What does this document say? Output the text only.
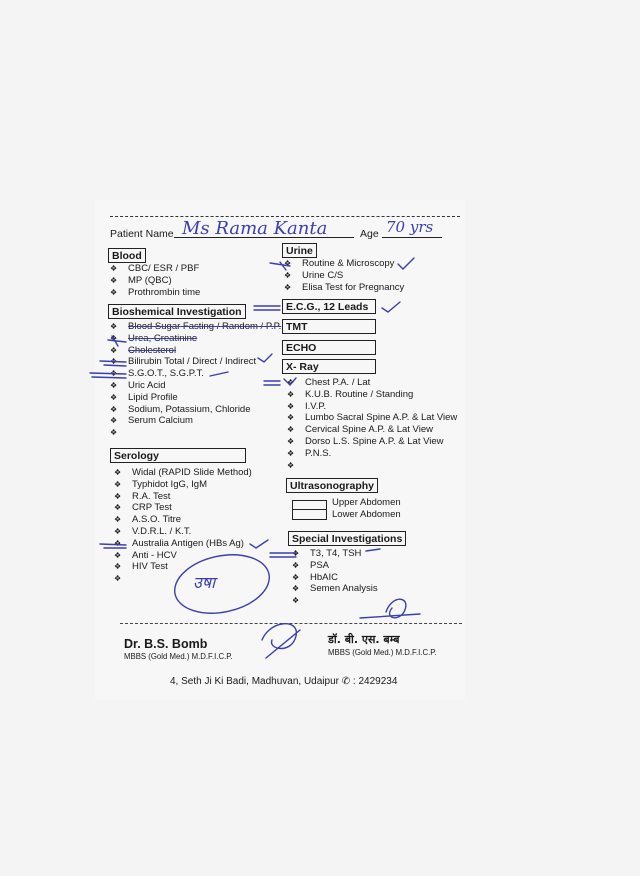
Patient Name	Age
Blood
❖ CBC/ ESR / PBF
❖ MP (QBC)
❖ Prothrombin time
Bioshemical Investigation
❖ Blood Sugar Fasting / Random / P.P.
❖ Urea, Creatinine
❖ Cholesterol
❖ Bilirubin Total / Direct / Indirect
❖ S.G.O.T., S.G.P.T.
❖ Uric Acid
❖ Lipid Profile
❖ Sodium, Potassium, Chloride
❖ Serum Calcium
❖
Serology
❖ Widal (RAPID Slide Method)
❖ Typhidot IgG, IgM
❖ R.A. Test
❖ CRP Test
❖ A.S.O. Titre
❖ V.D.R.L. / K.T.
❖ Australia Antigen (HBs Ag)
❖ Anti - HCV
❖ HIV Test
❖
Urine
❖ Routine & Microscopy
❖ Urine C/S
❖ Elisa Test for Pregnancy
E.C.G., 12 Leads
TMT
ECHO
X- Ray
❖ Chest P.A. / Lat
❖ K.U.B. Routine / Standing
❖ I.V.P.
❖ Lumbo Sacral Spine A.P. & Lat View
❖ Cervical Spine A.P. & Lat View
❖ Dorso L.S. Spine A.P. & Lat View
❖ P.N.S.
❖
Ultrasonography
Upper Abdomen
Lower Abdomen
Special Investigations
❖ T3, T4, TSH
❖ PSA
❖ HbAIC
❖ Semen Analysis
❖
Dr. B.S. Bomb
MBBS (Gold Med.) M.D.F.I.C.P.
डॉ. बी. एस. बम्ब
MBBS (Gold Med.) M.D.F.I.C.P.
4, Seth Ji Ki Badi, Madhuvan, Udaipur ✆ : 2429234
Ms Rama Kanta	70 yrs
उषा
